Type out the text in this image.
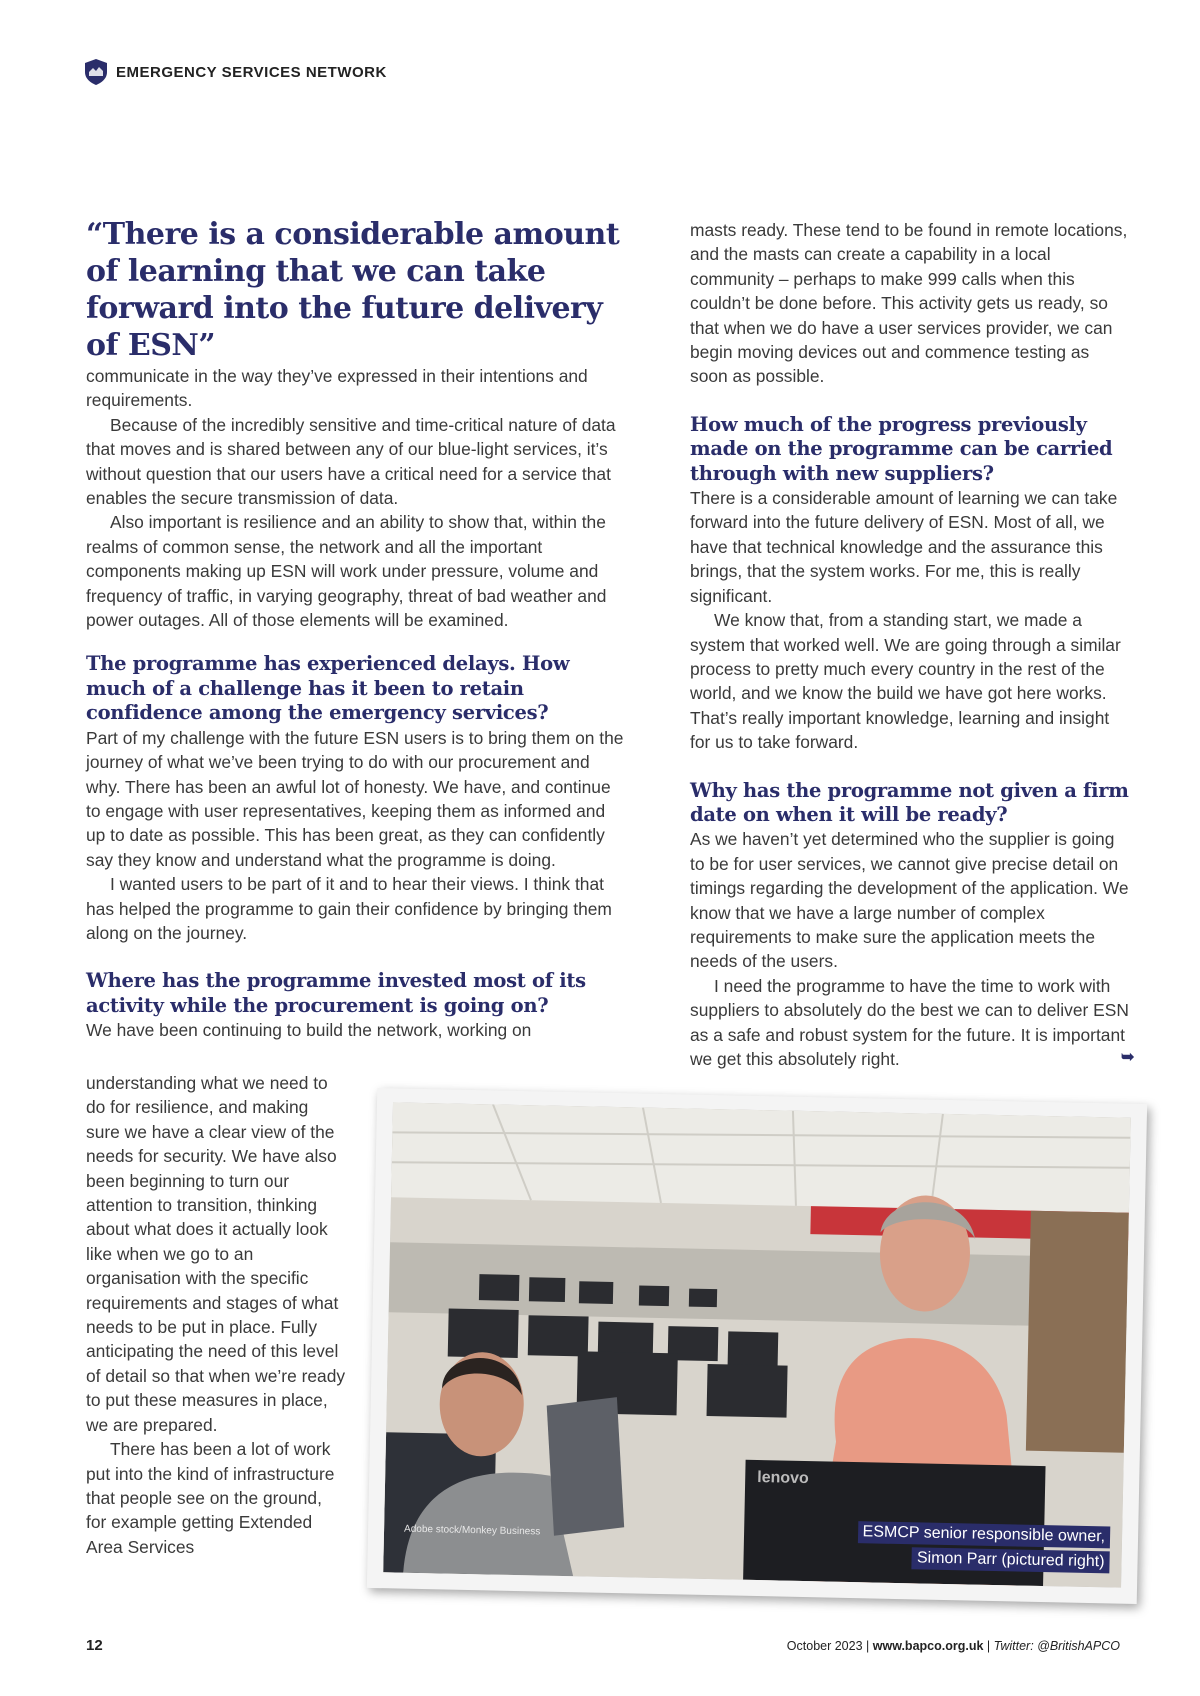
EMERGENCY SERVICES NETWORK
“There is a considerable amount of learning that we can take forward into the future delivery of ESN”

communicate in the way they’ve expressed in their intentions and requirements.

Because of the incredibly sensitive and time-critical nature of data that moves and is shared between any of our blue-light services, it’s without question that our users have a critical need for a service that enables the secure transmission of data.

Also important is resilience and an ability to show that, within the realms of common sense, the network and all the important components making up ESN will work under pressure, volume and frequency of traffic, in varying geography, threat of bad weather and power outages. All of those elements will be examined.

The programme has experienced delays. How much of a challenge has it been to retain confidence among the emergency services?

Part of my challenge with the future ESN users is to bring them on the journey of what we’ve been trying to do with our procurement and why. There has been an awful lot of honesty. We have, and continue to engage with user representatives, keeping them as informed and up to date as possible. This has been great, as they can confidently say they know and understand what the programme is doing.

I wanted users to be part of it and to hear their views. I think that has helped the programme to gain their confidence by bringing them along on the journey.

Where has the programme invested most of its activity while the procurement is going on?

We have been continuing to build the network, working on

understanding what we need to do for resilience, and making sure we have a clear view of the needs for security. We have also been beginning to turn our attention to transition, thinking about what does it actually look like when we go to an organisation with the specific requirements and stages of what needs to be put in place. Fully anticipating the need of this level of detail so that when we’re ready to put these measures in place, we are prepared.

There has been a lot of work put into the kind of infrastructure that people see on the ground, for example getting Extended Area Services

masts ready. These tend to be found in remote locations, and the masts can create a capability in a local community – perhaps to make 999 calls when this couldn’t be done before. This activity gets us ready, so that when we do have a user services provider, we can begin moving devices out and commence testing as soon as possible.

How much of the progress previously made on the programme can be carried through with new suppliers?

There is a considerable amount of learning we can take forward into the future delivery of ESN. Most of all, we have that technical knowledge and the assurance this brings, that the system works. For me, this is really significant.

We know that, from a standing start, we made a system that worked well. We are going through a similar process to pretty much every country in the rest of the world, and we know the build we have got here works. That’s really important knowledge, learning and insight for us to take forward.

Why has the programme not given a firm date on when it will be ready?

As we haven’t yet determined who the supplier is going to be for user services, we cannot give precise detail on timings regarding the development of the application. We know that we have a large number of complex requirements to make sure the application meets the needs of the users.

I need the programme to have the time to work with suppliers to absolutely do the best we can to deliver ESN as a safe and robust system for the future. It is important we get this absolutely right.	➥
lenovo
Adobe stock/Monkey Business	ESMCP senior responsible owner,
Simon Parr (pictured right)
12	October 2023 | www.bapco.org.uk | Twitter: @BritishAPCO
